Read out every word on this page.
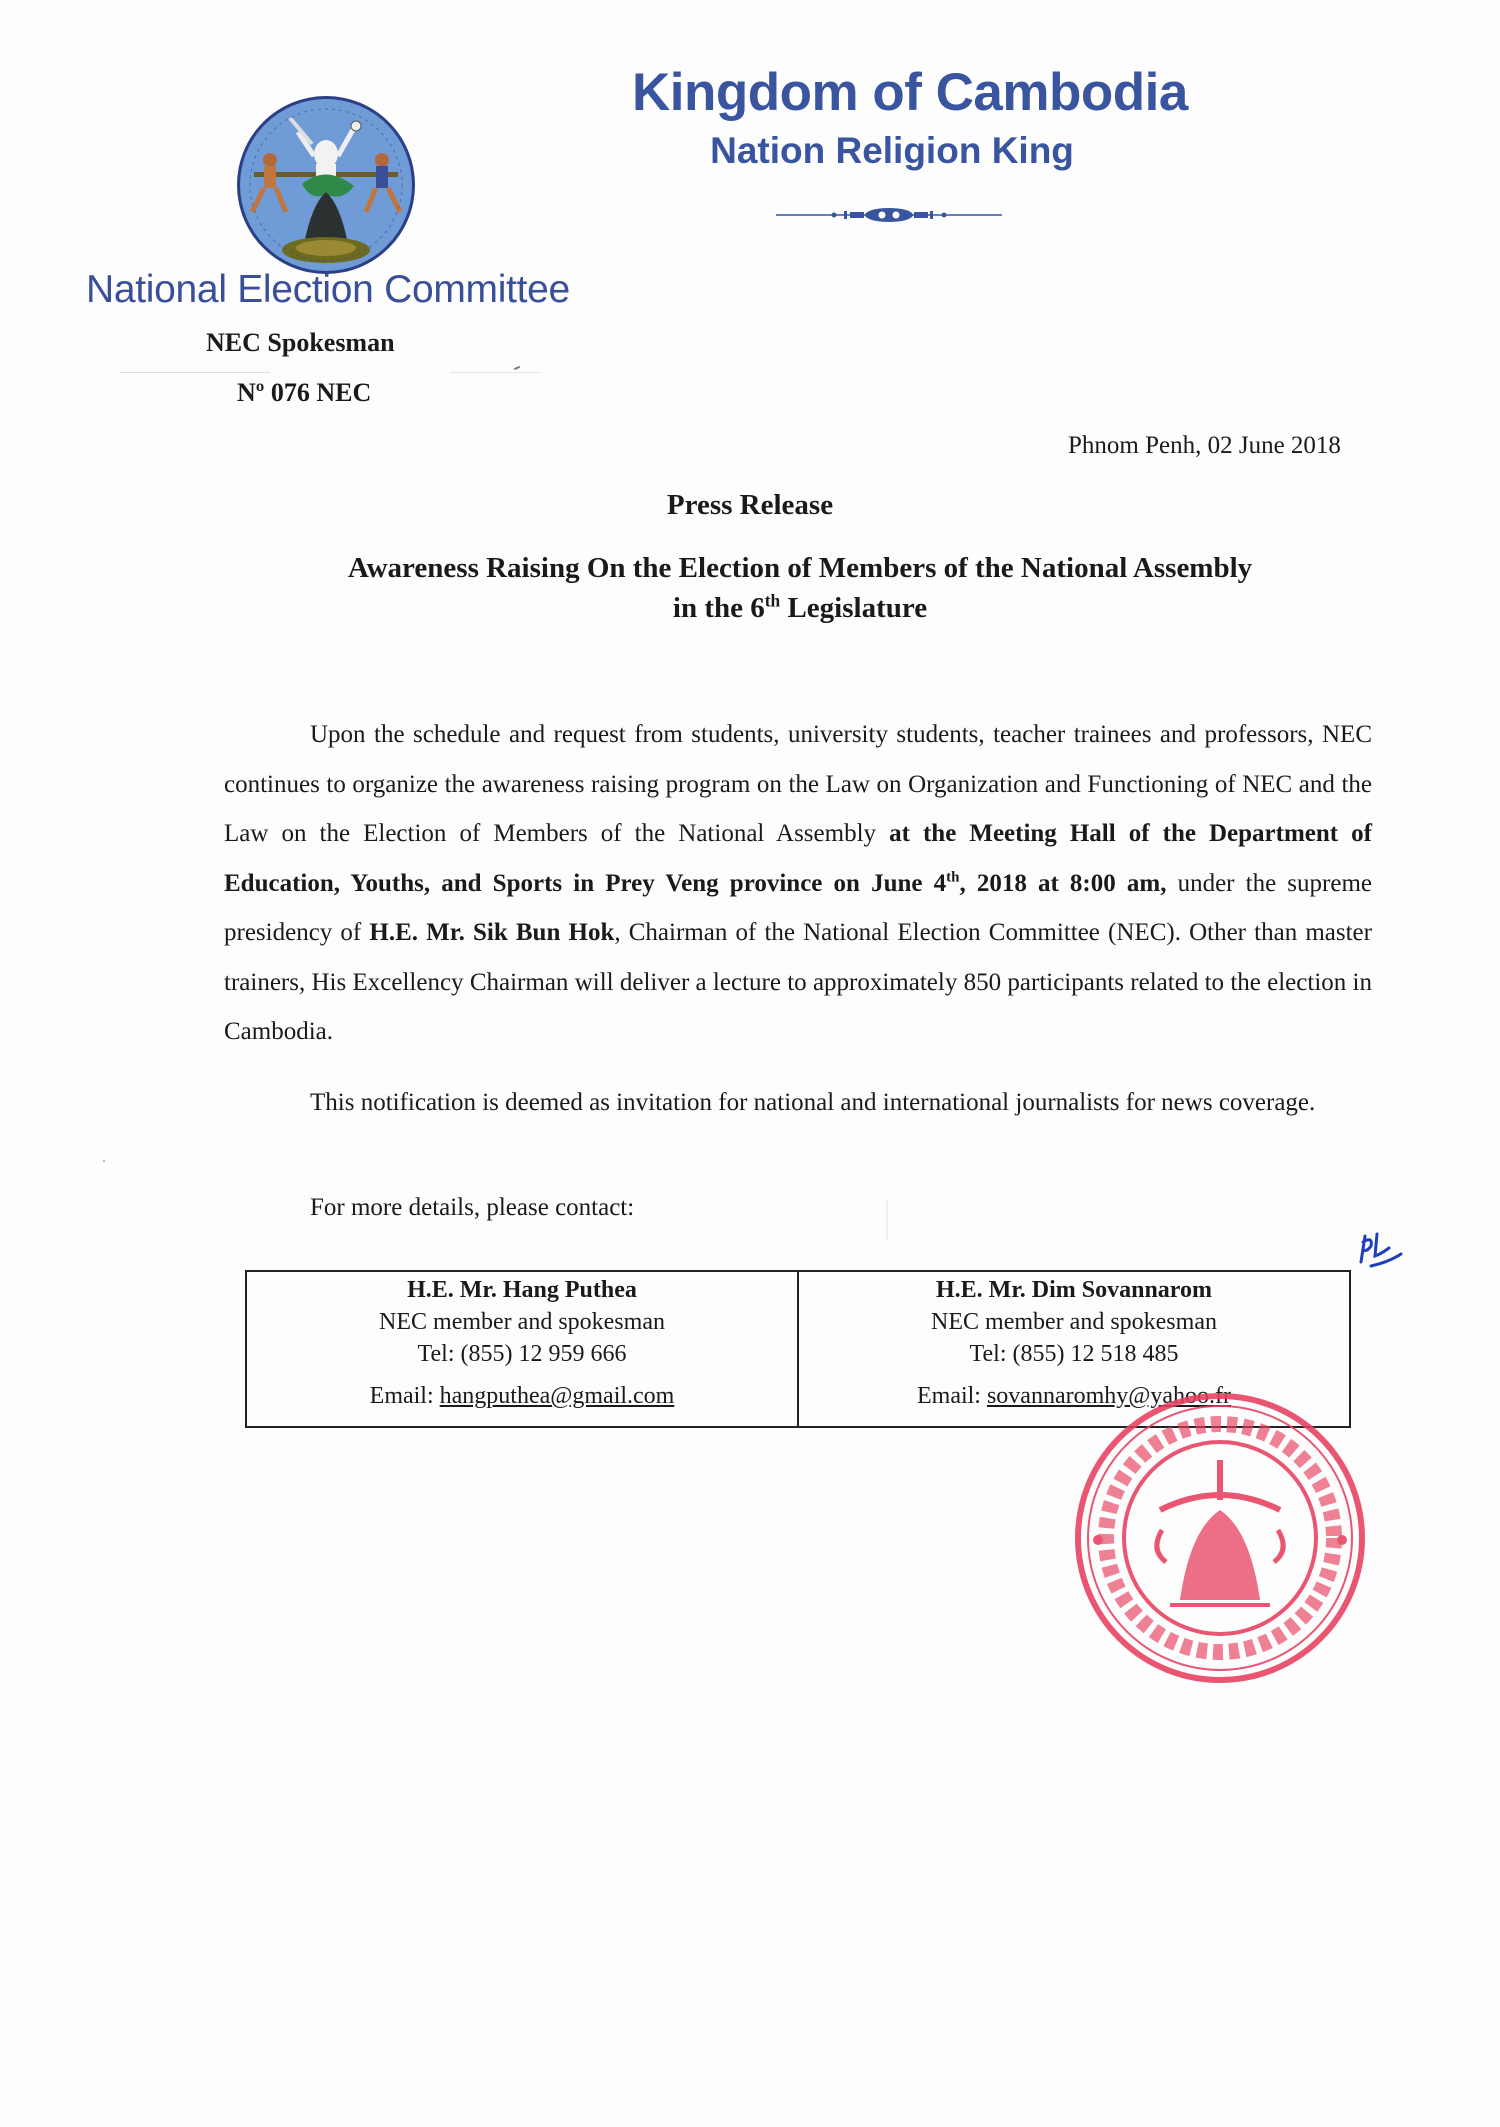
National Election Committee
NEC Spokesman
Nº 076 NEC
Kingdom of Cambodia
Nation Religion King
Phnom Penh, 02 June 2018
Press Release
Awareness Raising On the Election of Members of the National Assembly
in the 6th Legislature
Upon the schedule and request from students, university students, teacher trainees and professors, NEC continues to organize the awareness raising program on the Law on Organization and Functioning of NEC and the Law on the Election of Members of the National Assembly at the Meeting Hall of the Department of Education, Youths, and Sports in Prey Veng province on June 4th, 2018 at 8:00 am, under the supreme presidency of H.E. Mr. Sik Bun Hok, Chairman of the National Election Committee (NEC). Other than master trainers, His Excellency Chairman will deliver a lecture to approximately 850 participants related to the election in Cambodia.
This notification is deemed as invitation for national and international journalists for news coverage.
For more details, please contact:
H.E. Mr. Hang Puthea
NEC member and spokesman
Tel: (855) 12 959 666
Email: hangputhea@gmail.com
H.E. Mr. Dim Sovannarom
NEC member and spokesman
Tel: (855) 12 518 485
Email: sovannaromhy@yahoo.fr
